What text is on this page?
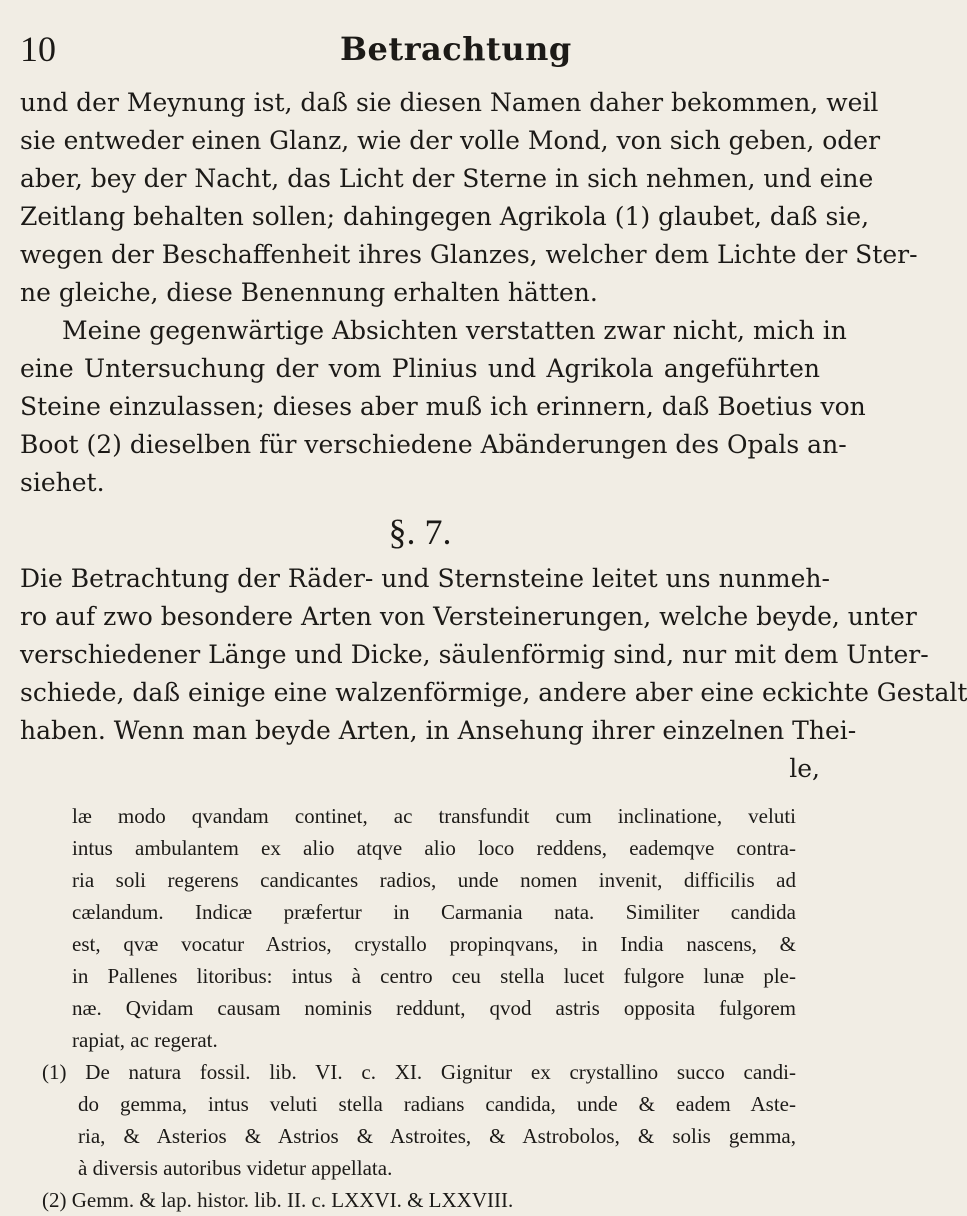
10	Betrachtung
und der Meynung ist, daß sie diesen Namen daher bekommen, weil
sie entweder einen Glanz, wie der volle Mond, von sich geben, oder
aber, bey der Nacht, das Licht der Sterne in sich nehmen, und eine
Zeitlang behalten sollen; dahingegen Agrikola (1) glaubet, daß sie,
wegen der Beschaffenheit ihres Glanzes, welcher dem Lichte der Ster-
ne gleiche, diese Benennung erhalten hätten.
Meine gegenwärtige Absichten verstatten zwar nicht, mich in
eine Untersuchung der vom Plinius und Agrikola angeführten
Steine einzulassen; dieses aber muß ich erinnern, daß Boetius von
Boot (2) dieselben für verschiedene Abänderungen des Opals an-
siehet.
§. 7.
Die Betrachtung der Räder- und Sternsteine leitet uns nunmeh-
ro auf zwo besondere Arten von Versteinerungen, welche beyde, unter
verschiedener Länge und Dicke, säulenförmig sind, nur mit dem Unter-
schiede, daß einige eine walzenförmige, andere aber eine eckichte Gestalt
haben. Wenn man beyde Arten, in Ansehung ihrer einzelnen Thei-
le,
læ modo qvandam continet, ac transfundit cum inclinatione, veluti
intus ambulantem ex alio atqve alio loco reddens, eademqve contra-
ria soli regerens candicantes radios, unde nomen invenit, difficilis ad
cælandum. Indicæ præfertur in Carmania nata. Similiter candida
est, qvæ vocatur Astrios, crystallo propinqvans, in India nascens, &
in Pallenes litoribus: intus à centro ceu stella lucet fulgore lunæ ple-
næ. Qvidam causam nominis reddunt, qvod astris opposita fulgorem
rapiat, ac regerat.
(1) De natura fossil. lib. VI. c. XI. Gignitur ex crystallino succo candi-
do gemma, intus veluti stella radians candida, unde & eadem Aste-
ria, & Asterios & Astrios & Astroites, & Astrobolos, & solis gemma,
à diversis autoribus videtur appellata.
(2) Gemm. & lap. histor. lib. II. c. LXXVI. & LXXVIII.
